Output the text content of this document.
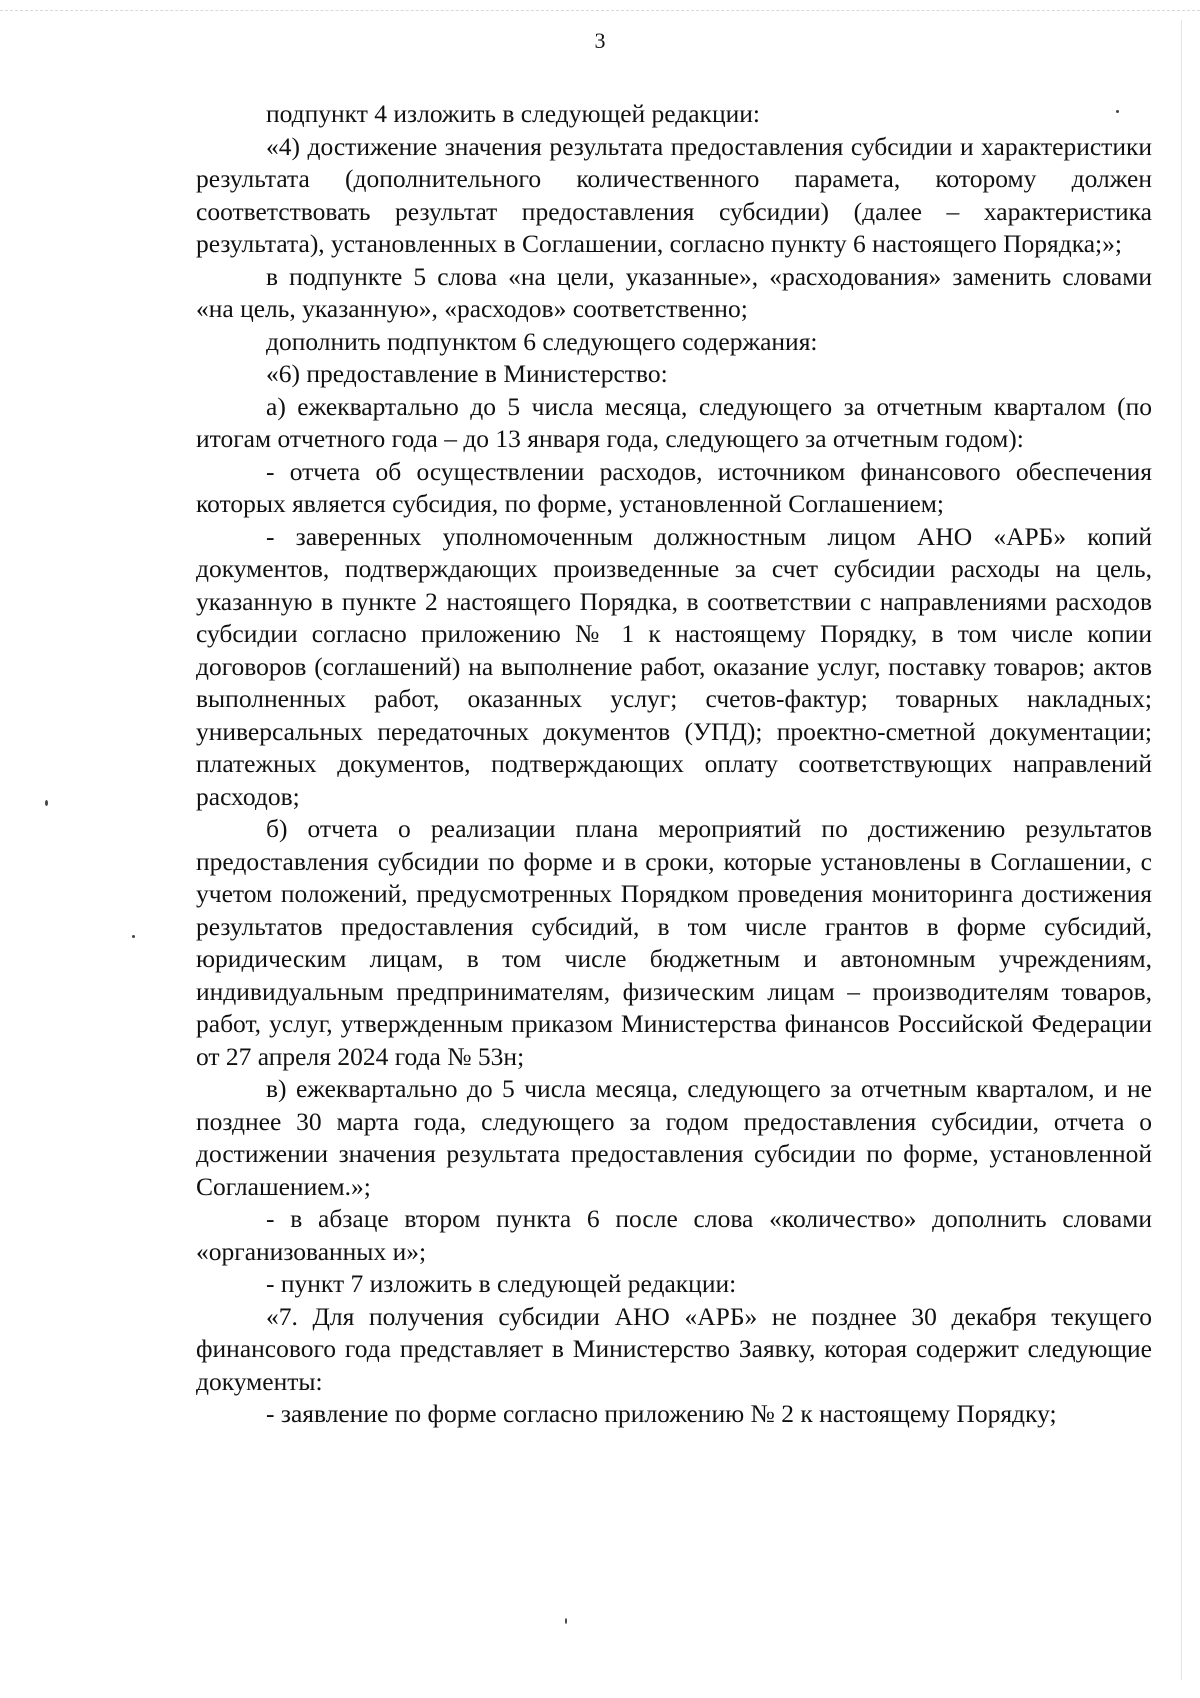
3

подпункт 4 изложить в следующей редакции:

«4) достижение значения результата предоставления субсидии и характеристики результата (дополнительного количественного парамета, которому должен соответствовать результат предоставления субсидии) (далее – характеристика результата), установленных в Соглашении, согласно пункту 6 настоящего Порядка;»;

в подпункте 5 слова «на цели, указанные», «расходования» заменить словами «на цель, указанную», «расходов» соответственно;

дополнить подпунктом 6 следующего содержания:

«6) предоставление в Министерство:

а) ежеквартально до 5 числа месяца, следующего за отчетным кварталом (по итогам отчетного года – до 13 января года, следующего за отчетным годом):

- отчета об осуществлении расходов, источником финансового обеспечения которых является субсидия, по форме, установленной Соглашением;

- заверенных уполномоченным должностным лицом АНО «АРБ» копий документов, подтверждающих произведенные за счет субсидии расходы на цель, указанную в пункте 2 настоящего Порядка, в соответствии с направлениями расходов субсидии согласно приложению № 1 к настоящему Порядку, в том числе копии договоров (соглашений) на выполнение работ, оказание услуг, поставку товаров; актов выполненных работ, оказанных услуг; счетов-фактур; товарных накладных; универсальных передаточных документов (УПД); проектно-сметной документации; платежных документов, подтверждающих оплату соответствующих направлений расходов;

б) отчета о реализации плана мероприятий по достижению результатов предоставления субсидии по форме и в сроки, которые установлены в Соглашении, с учетом положений, предусмотренных Порядком проведения мониторинга достижения результатов предоставления субсидий, в том числе грантов в форме субсидий, юридическим лицам, в том числе бюджетным и автономным учреждениям, индивидуальным предпринимателям, физическим лицам – производителям товаров, работ, услуг, утвержденным приказом Министерства финансов Российской Федерации от 27 апреля 2024 года № 53н;

в) ежеквартально до 5 числа месяца, следующего за отчетным кварталом, и не позднее 30 марта года, следующего за годом предоставления субсидии, отчета о достижении значения результата предоставления субсидии по форме, установленной Соглашением.»;

- в абзаце втором пункта 6 после слова «количество» дополнить словами «организованных и»;

- пункт 7 изложить в следующей редакции:

«7. Для получения субсидии АНО «АРБ» не позднее 30 декабря текущего финансового года представляет в Министерство Заявку, которая содержит следующие документы:

- заявление по форме согласно приложению № 2 к настоящему Порядку;
